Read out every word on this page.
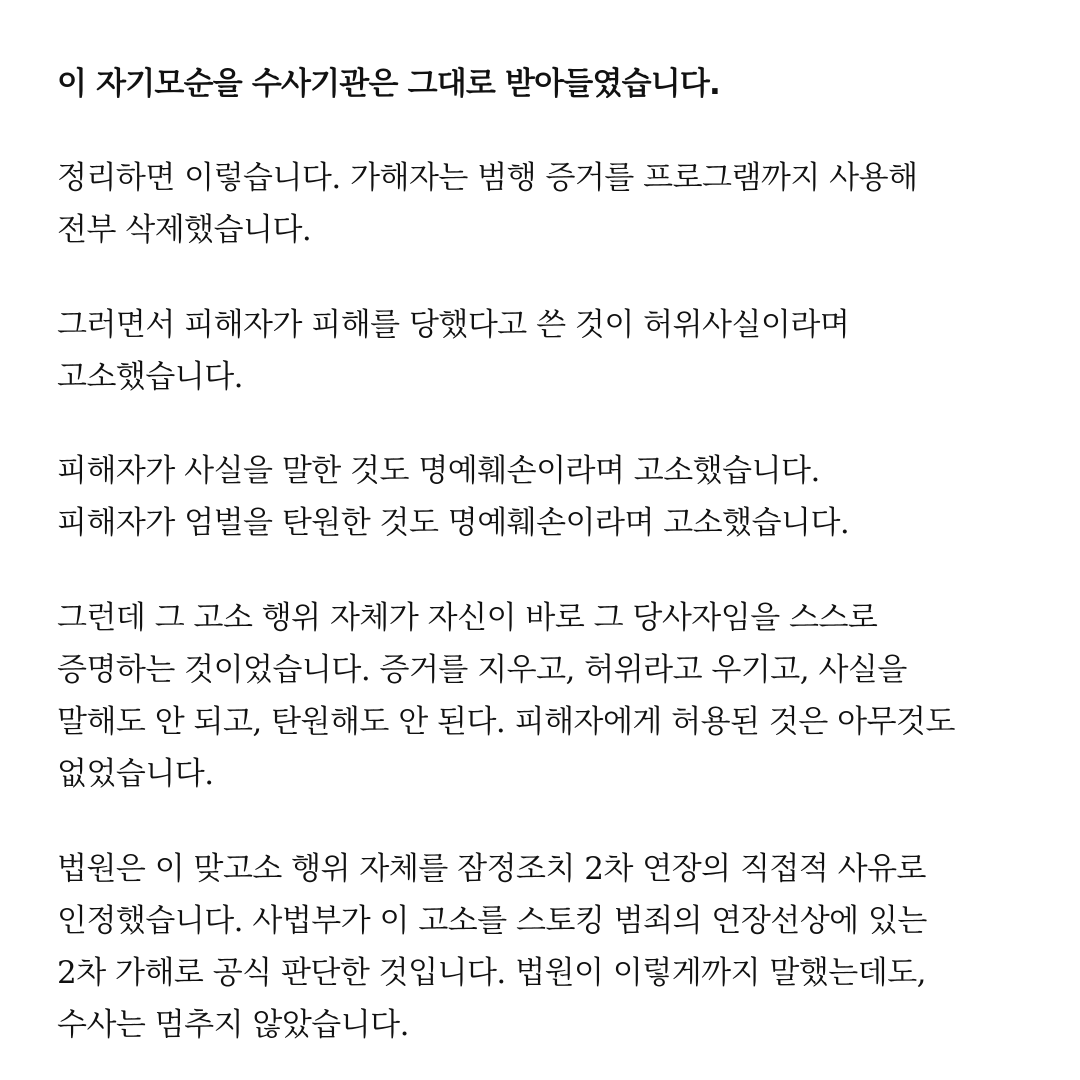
이 자기모순을 수사기관은 그대로 받아들였습니다.
정리하면 이렇습니다. 가해자는 범행 증거를 프로그램까지 사용해
전부 삭제했습니다.
그러면서 피해자가 피해를 당했다고 쓴 것이 허위사실이라며
고소했습니다.
피해자가 사실을 말한 것도 명예훼손이라며 고소했습니다.
피해자가 엄벌을 탄원한 것도 명예훼손이라며 고소했습니다.
그런데 그 고소 행위 자체가 자신이 바로 그 당사자임을 스스로
증명하는 것이었습니다. 증거를 지우고, 허위라고 우기고, 사실을
말해도 안 되고, 탄원해도 안 된다. 피해자에게 허용된 것은 아무것도
없었습니다.
법원은 이 맞고소 행위 자체를 잠정조치 2차 연장의 직접적 사유로
인정했습니다. 사법부가 이 고소를 스토킹 범죄의 연장선상에 있는
2차 가해로 공식 판단한 것입니다. 법원이 이렇게까지 말했는데도,
수사는 멈추지 않았습니다.
